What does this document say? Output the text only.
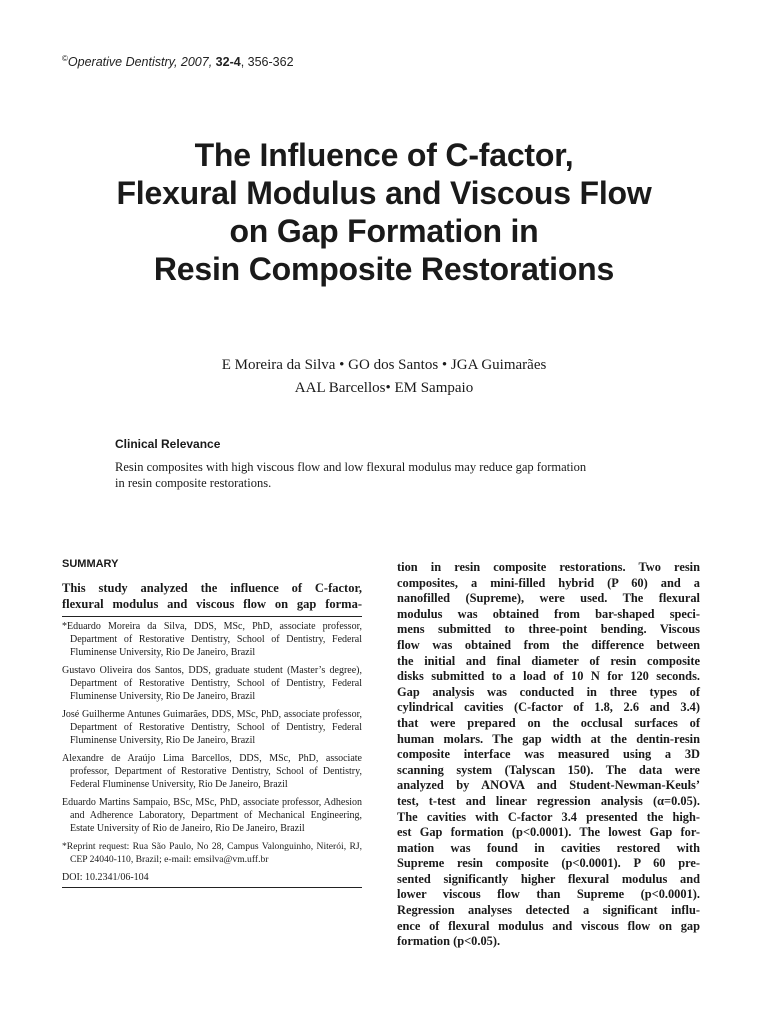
©Operative Dentistry, 2007, 32-4, 356-362
The Influence of C-factor,
Flexural Modulus and Viscous Flow
on Gap Formation in
Resin Composite Restorations
E Moreira da Silva • GO dos Santos • JGA Guimarães
AAL Barcellos• EM Sampaio
Clinical Relevance

Resin composites with high viscous flow and low flexural modulus may reduce gap formation
in resin composite restorations.

SUMMARY

This study analyzed the influence of C-factor,
flexural modulus and viscous flow on gap forma-

*Eduardo Moreira da Silva, DDS, MSc, PhD, associate professor, Department of Restorative Dentistry, School of Dentistry, Federal Fluminense University, Rio De Janeiro, Brazil
Gustavo Oliveira dos Santos, DDS, graduate student (Master’s degree), Department of Restorative Dentistry, School of Dentistry, Federal Fluminense University, Rio De Janeiro, Brazil
José Guilherme Antunes Guimarães, DDS, MSc, PhD, associate professor, Department of Restorative Dentistry, School of Dentistry, Federal Fluminense University, Rio De Janeiro, Brazil
Alexandre de Araújo Lima Barcellos, DDS, MSc, PhD, associate professor, Department of Restorative Dentistry, School of Dentistry, Federal Fluminense University, Rio De Janeiro, Brazil
Eduardo Martins Sampaio, BSc, MSc, PhD, associate professor, Adhesion and Adherence Laboratory, Department of Mechanical Engineering, Estate University of Rio de Janeiro, Rio De Janeiro, Brazil
*Reprint request: Rua São Paulo, No 28, Campus Valonguinho, Niterói, RJ, CEP 24040-110, Brazil; e-mail: emsilva@vm.uff.br
DOI: 10.2341/06-104
tion in resin composite restorations. Two resin
composites, a mini-filled hybrid (P 60) and a
nanofilled (Supreme), were used. The flexural
modulus was obtained from bar-shaped speci-
mens submitted to three-point bending. Viscous
flow was obtained from the difference between
the initial and final diameter of resin composite
disks submitted to a load of 10 N for 120 seconds.
Gap analysis was conducted in three types of
cylindrical cavities (C-factor of 1.8, 2.6 and 3.4)
that were prepared on the occlusal surfaces of
human molars. The gap width at the dentin-resin
composite interface was measured using a 3D
scanning system (Talyscan 150). The data were
analyzed by ANOVA and Student-Newman-Keuls’
test, t-test and linear regression analysis (α=0.05).
The cavities with C-factor 3.4 presented the high-
est Gap formation (p<0.0001). The lowest Gap for-
mation was found in cavities restored with
Supreme resin composite (p<0.0001). P 60 pre-
sented significantly higher flexural modulus and
lower viscous flow than Supreme (p<0.0001).
Regression analyses detected a significant influ-
ence of flexural modulus and viscous flow on gap
formation (p<0.05).
